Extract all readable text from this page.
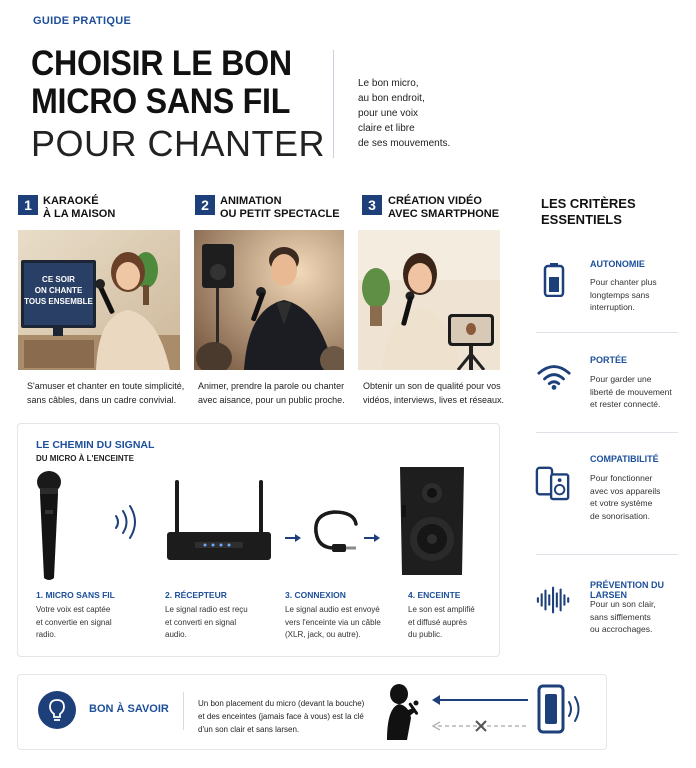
GUIDE PRATIQUE
CHOISIR LE BON
MICRO SANS FIL
POUR CHANTER
Le bon micro,
au bon endroit,
pour une voix
claire et libre
de ses mouvements.
1	KARAOKÉ
À LA MAISON
CE SOIR
ON CHANTE
TOUS ENSEMBLE
S'amuser et chanter en toute simplicité,
sans câbles, dans un cadre convivial.
2	ANIMATION
OU PETIT SPECTACLE
Animer, prendre la parole ou chanter
avec aisance, pour un public proche.
3	CRÉATION VIDÉO
AVEC SMARTPHONE
Obtenir un son de qualité pour vos
vidéos, interviews, lives et réseaux.
LES CRITÈRES
ESSENTIELS
AUTONOMIE
Pour chanter plus
longtemps sans
interruption.
PORTÉE
Pour garder une
liberté de mouvement
et rester connecté.
COMPATIBILITÉ
Pour fonctionner
avec vos appareils
et votre système
de sonorisation.
PRÉVENTION DU LARSEN
Pour un son clair,
sans sifflements
ou accrochages.
LE CHEMIN DU SIGNAL
DU MICRO À L'ENCEINTE
1. MICRO SANS FIL
Votre voix est captée
et convertie en signal
radio.
2. RÉCEPTEUR
Le signal radio est reçu
et converti en signal
audio.
3. CONNEXION
Le signal audio est envoyé
vers l'enceinte via un câble
(XLR, jack, ou autre).
4. ENCEINTE
Le son est amplifié
et diffusé auprès
du public.
BON À SAVOIR	Un bon placement du micro (devant la bouche)
et des enceintes (jamais face à vous) est la clé
d'un son clair et sans larsen.
